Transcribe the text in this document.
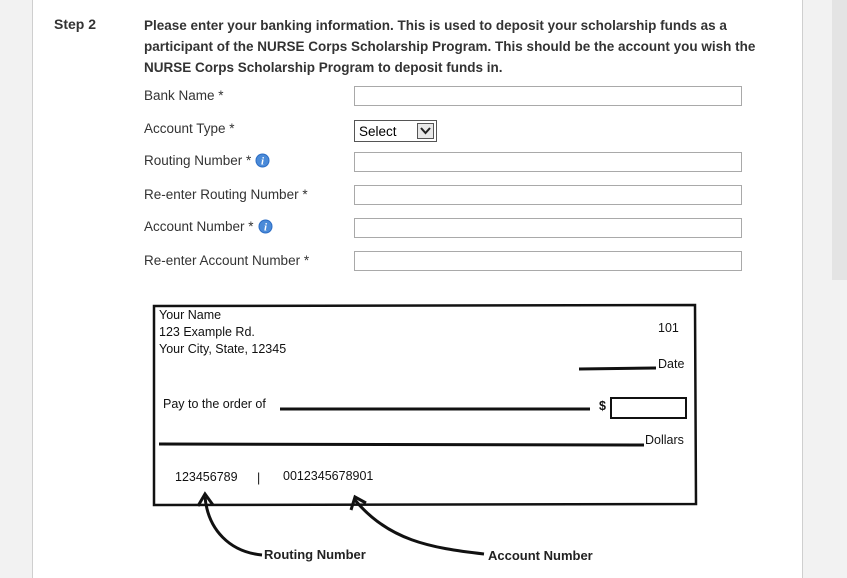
Step 2	Please enter your banking information. This is used to deposit your scholarship funds as a participant of the NURSE Corps Scholarship Program. This should be the account you wish the NURSE Corps Scholarship Program to deposit funds in.
Bank Name *
Account Type *	Select
Routing Number * i
Re-enter Routing Number *
Account Number * i
Re-enter Account Number *
Your Name
123 Example Rd.
Your City, State, 12345
101
Date
Pay to the order of	$
Dollars
123456789 | 0012345678901
Routing Number	Account Number
